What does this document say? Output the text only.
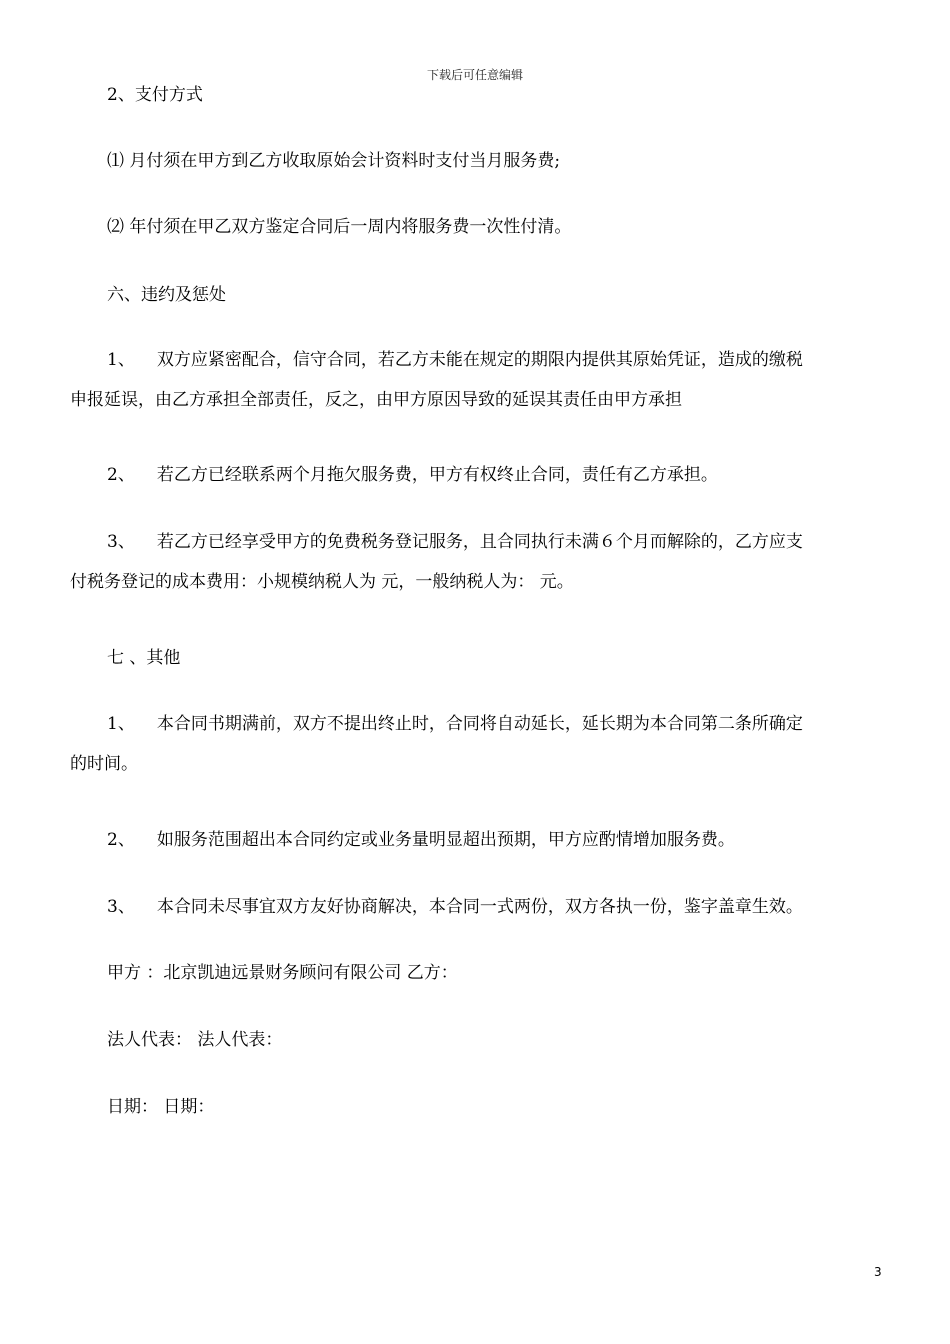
下载后可任意编辑
2、支付方式
⑴ 月付须在甲方到乙方收取原始会计资料时支付当月服务费;
⑵ 年付须在甲乙双方鉴定合同后一周内将服务费一次性付清。
六、违约及惩处
1、 双方应紧密配合，信守合同，若乙方未能在规定的期限内提供其原始凭证，造成的缴税
申报延误，由乙方承担全部责任，反之，由甲方原因导致的延误其责任由甲方承担
2、 若乙方已经联系两个月拖欠服务费，甲方有权终止合同，责任有乙方承担。
3、 若乙方已经享受甲方的免费税务登记服务，且合同执行未满６个月而解除的，乙方应支
付税务登记的成本费用：小规模纳税人为 元，一般纳税人为： 元。
七 、其他
1、 本合同书期满前，双方不提出终止时，合同将自动延长，延长期为本合同第二条所确定
的时间。
2、 如服务范围超出本合同约定或业务量明显超出预期，甲方应酌情增加服务费。
3、 本合同未尽事宜双方友好协商解决，本合同一式两份，双方各执一份，鉴字盖章生效。
甲方 ：北京凯迪远景财务顾问有限公司 乙方：
法人代表： 法人代表：
日期： 日期：
3
